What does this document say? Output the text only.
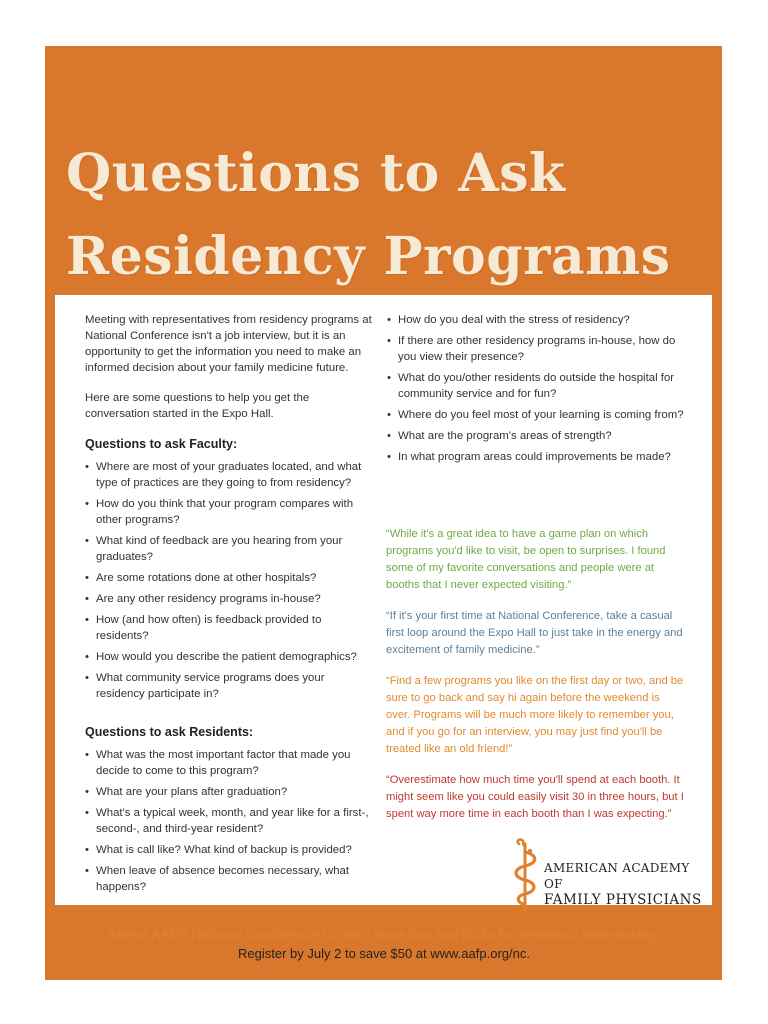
Questions to Ask
Residency Programs

Meeting with representatives from residency programs at National Conference isn't a job interview, but it is an opportunity to get the information you need to make an informed decision about your family medicine future.

Here are some questions to help you get the conversation started in the Expo Hall.

Questions to ask Faculty:
• Where are most of your graduates located, and what type of practices are they going to from residency?
• How do you think that your program compares with other programs?
• What kind of feedback are you hearing from your graduates?
• Are some rotations done at other hospitals?
• Are any other residency programs in-house?
• How (and how often) is feedback provided to residents?
• How would you describe the patient demographics?
• What community service programs does your residency participate in?
Questions to ask Residents:
• What was the most important factor that made you decide to come to this program?
• What are your plans after graduation?
• What's a typical week, month, and year like for a first-, second-, and third-year resident?
• What is call like? What kind of backup is provided?
• When leave of absence becomes necessary, what happens?
• How do you deal with the stress of residency?
• If there are other residency programs in-house, how do you view their presence?
• What do you/other residents do outside the hospital for community service and for fun?
• Where do you feel most of your learning is coming from?
• What are the program's areas of strength?
• In what program areas could improvements be made?

“While it's a great idea to have a game plan on which programs you'd like to visit, be open to surprises. I found some of my favorite conversations and people were at booths that I never expected visiting.”

“If it's your first time at National Conference, take a casual first loop around the Expo Hall to just take in the energy and excitement of family medicine.”

“Find a few programs you like on the first day or two, and be sure to go back and say hi again before the weekend is over. Programs will be much more likely to remember you, and if you go for an interview, you may just find you'll be treated like an old friend!”

“Overestimate how much time you'll spend at each booth. It might seem like you could easily visit 30 in three hours, but I spent way more time in each booth than I was expecting.”

AMERICAN ACADEMY OF
FAMILY PHYSICIANS
Attend AAFP National Conference to learn more tips and tricks for residency interviewing.
Register by July 2 to save $50 at www.aafp.org/nc.
